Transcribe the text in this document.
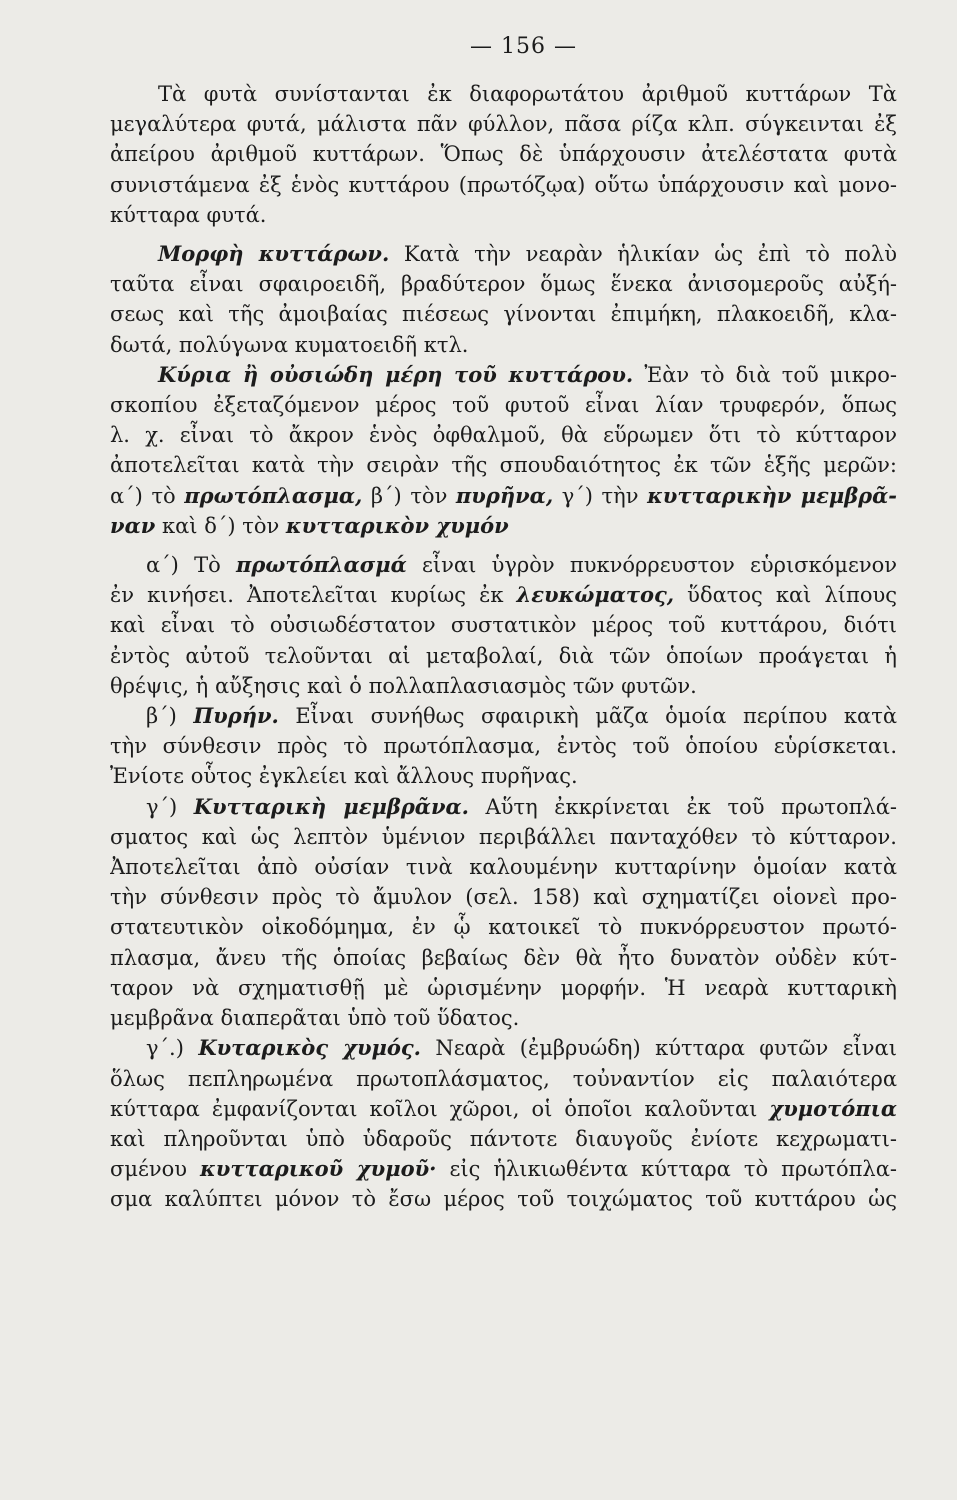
— 156 —
Τὰ φυτὰ συνίστανται ἐκ διαφορωτάτου ἀριθμοῦ κυττάρων Τὰ
μεγαλύτερα φυτά, μάλιστα πᾶν φύλλον, πᾶσα ρίζα κλπ. σύγκεινται ἐξ
ἀπείρου ἀριθμοῦ κυττάρων. Ὅπως δὲ ὑπάρχουσιν ἀτελέστατα φυτὰ
συνιστάμενα ἐξ ἑνὸς κυττάρου (πρωτόζῳα) οὕτω ὑπάρχουσιν καὶ μονο-
κύτταρα φυτά.
Μορφὴ κυττάρων. Κατὰ τὴν νεαρὰν ἡλικίαν ὡς ἐπὶ τὸ πολὺ
ταῦτα εἶναι σφαιροειδῆ, βραδύτερον ὅμως ἕνεκα ἀνισομεροῦς αὐξή-
σεως καὶ τῆς ἀμοιβαίας πιέσεως γίνονται ἐπιμήκη, πλακοειδῆ, κλα-
δωτά, πολύγωνα κυματοειδῆ κτλ.
Κύρια ἢ οὐσιώδη μέρη τοῦ κυττάρου. Ἐὰν τὸ διὰ τοῦ μικρο-
σκοπίου ἐξεταζόμενον μέρος τοῦ φυτοῦ εἶναι λίαν τρυφερόν, ὅπως
λ. χ. εἶναι τὸ ἄκρον ἑνὸς ὀφθαλμοῦ, θὰ εὕρωμεν ὅτι τὸ κύτταρον
ἀποτελεῖται κατὰ τὴν σειρὰν τῆς σπουδαιότητος ἐκ τῶν ἑξῆς μερῶν:
α΄) τὸ πρωτόπλασμα, β΄) τὸν πυρῆνα, γ΄) τὴν κυτταρικὴν μεμβρᾶ-
ναν καὶ δ΄) τὸν κυτταρικὸν χυμόν
α΄) Τὸ πρωτόπλασμά εἶναι ὑγρὸν πυκνόρρευστον εὑρισκόμενον
ἐν κινήσει. Ἀποτελεῖται κυρίως ἐκ λευκώματος, ὕδατος καὶ λίπους
καὶ εἶναι τὸ οὐσιωδέστατον συστατικὸν μέρος τοῦ κυττάρου, διότι
ἐντὸς αὐτοῦ τελοῦνται αἱ μεταβολαί, διὰ τῶν ὁποίων προάγεται ἡ
θρέψις, ἡ αὔξησις καὶ ὁ πολλαπλασιασμὸς τῶν φυτῶν.
β΄) Πυρήν. Εἶναι συνήθως σφαιρικὴ μᾶζα ὁμοία περίπου κατὰ
τὴν σύνθεσιν πρὸς τὸ πρωτόπλασμα, ἐντὸς τοῦ ὁποίου εὑρίσκεται.
Ἐνίοτε οὗτος ἐγκλείει καὶ ἄλλους πυρῆνας.
γ΄) Κυτταρικὴ μεμβρᾶνα. Αὕτη ἐκκρίνεται ἐκ τοῦ πρωτοπλά-
σματος καὶ ὡς λεπτὸν ὑμένιον περιβάλλει πανταχόθεν τὸ κύτταρον.
Ἀποτελεῖται ἀπὸ οὐσίαν τινὰ καλουμένην κυτταρίνην ὁμοίαν κατὰ
τὴν σύνθεσιν πρὸς τὸ ἄμυλον (σελ. 158) καὶ σχηματίζει οἱονεὶ προ-
στατευτικὸν οἰκοδόμημα, ἐν ᾧ κατοικεῖ τὸ πυκνόρρευστον πρωτό-
πλασμα, ἄνευ τῆς ὁποίας βεβαίως δὲν θὰ ἦτο δυνατὸν οὐδὲν κύτ-
ταρον νὰ σχηματισθῇ μὲ ὡρισμένην μορφήν. Ἡ νεαρὰ κυτταρικὴ
μεμβρᾶνα διαπερᾶται ὑπὸ τοῦ ὕδατος.
γ΄.) Κυταρικὸς χυμός. Νεαρὰ (ἐμβρυώδη) κύτταρα φυτῶν εἶναι
ὅλως πεπληρωμένα πρωτοπλάσματος, τοὐναντίον εἰς παλαιότερα
κύτταρα ἐμφανίζονται κοῖλοι χῶροι, οἱ ὁποῖοι καλοῦνται χυμοτόπια
καὶ πληροῦνται ὑπὸ ὑδαροῦς πάντοτε διαυγοῦς ἐνίοτε κεχρωματι-
σμένου κυτταρικοῦ χυμοῦ· εἰς ἡλικιωθέντα κύτταρα τὸ πρωτόπλα-
σμα καλύπτει μόνον τὸ ἔσω μέρος τοῦ τοιχώματος τοῦ κυττάρου ὡς
